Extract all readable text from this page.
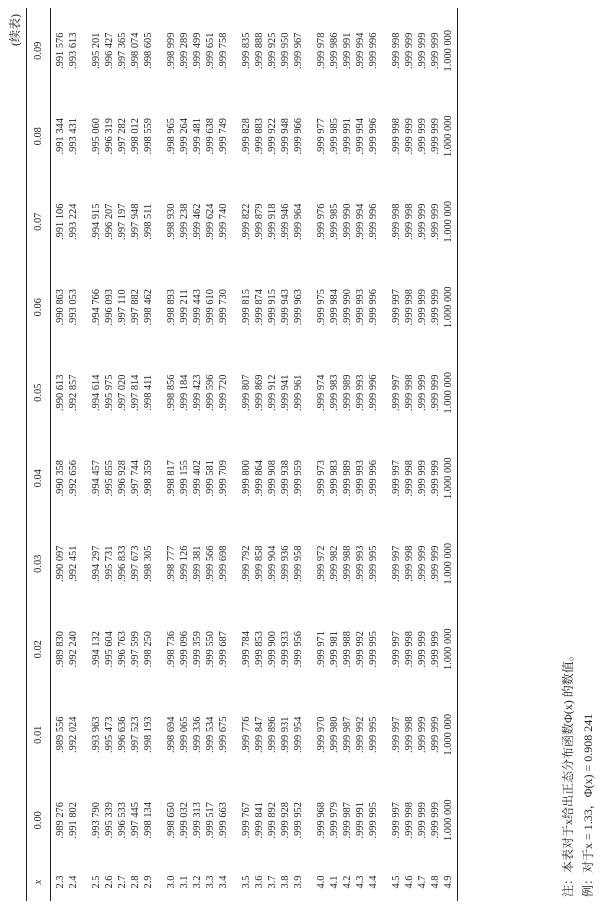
(续表)
x	0.00	0.01	0.02	0.03	0.04	0.05	0.06	0.07	0.08	0.09
2.3	.989 276	.989 556	.989 830	.990 097	.990 358	.990 613	.990 863	.991 106	.991 344	.991 576
2.4	.991 802	.992 024	.992 240	.992 451	.992 656	.992 857	.993 053	.993 224	.993 431	.993 613

2.5	.993 790	.993 963	.994 132	.994 297	.994 457	.994 614	.994 766	.994 915	.995 060	.995 201
2.6	.995 339	.995 473	.995 604	.995 731	.995 855	.995 975	.996 093	.996 207	.996 319	.996 427
2.7	.996 533	.996 636	.996 763	.996 833	.996 928	.997 020	.997 110	.997 197	.997 282	.997 365
2.8	.997 445	.997 523	.997 599	.997 673	.997 744	.997 814	.997 882	.997 948	.998 012	.998 074
2.9	.998 134	.998 193	.998 250	.998 305	.998 359	.998 411	.998 462	.998 511	.998 559	.998 605

3.0	.998 650	.998 694	.998 736	.998 777	.998 817	.998 856	.998 893	.998 930	.998 965	.998 999
3.1	.999 032	.999 065	.999 096	.999 126	.999 155	.999 184	.999 211	.999 238	.999 264	.999 289
3.2	.999 313	.999 336	.999 359	.999 381	.999 402	.999 423	.999 443	.999 462	.999 481	.999 499
3.3	.999 517	.999 534	.999 550	.999 566	.999 581	.999 596	.999 610	.999 624	.999 638	.999 651
3.4	.999 663	.999 675	.999 687	.999 698	.999 709	.999 720	.999 730	.999 740	.999 749	.999 758

3.5	.999 767	.999 776	.999 784	.999 792	.999 800	.999 807	.999 815	.999 822	.999 828	.999 835
3.6	.999 841	.999 847	.999 853	.999 858	.999 864	.999 869	.999 874	.999 879	.999 883	.999 888
3.7	.999 892	.999 896	.999 900	.999 904	.999 908	.999 912	.999 915	.999 918	.999 922	.999 925
3.8	.999 928	.999 931	.999 933	.999 936	.999 938	.999 941	.999 943	.999 946	.999 948	.999 950
3.9	.999 952	.999 954	.999 956	.999 958	.999 959	.999 961	.999 963	.999 964	.999 966	.999 967

4.0	.999 968	.999 970	.999 971	.999 972	.999 973	.999 974	.999 975	.999 976	.999 977	.999 978
4.1	.999 979	.999 980	.999 981	.999 982	.999 983	.999 983	.999 984	.999 985	.999 985	.999 986
4.2	.999 987	.999 987	.999 988	.999 988	.999 989	.999 989	.999 990	.999 990	.999 991	.999 991
4.3	.999 991	.999 992	.999 992	.999 993	.999 993	.999 993	.999 993	.999 994	.999 994	.999 994
4.4	.999 995	.999 995	.999 995	.999 995	.999 996	.999 996	.999 996	.999 996	.999 996	.999 996

4.5	.999 997	.999 997	.999 997	.999 997	.999 997	.999 997	.999 997	.999 998	.999 998	.999 998
4.6	.999 998	.999 998	.999 998	.999 998	.999 998	.999 998	.999 998	.999 998	.999 999	.999 999
4.7	.999 999	.999 999	.999 999	.999 999	.999 999	.999 999	.999 999	.999 999	.999 999	.999 999
4.8	.999 999	.999 999	.999 999	.999 999	.999 999	.999 999	.999 999	.999 999	.999 999	.999 999
4.9	1.000 000	1.000 000	1.000 000	1.000 000	1.000 000	1.000 000	1.000 000	1.000 000	1.000 000	1.000 000
注：本表对于x给出正态分布函数Φ(x) 的数值。 例：对于x = 1.33，Φ(x) = 0.908 241
